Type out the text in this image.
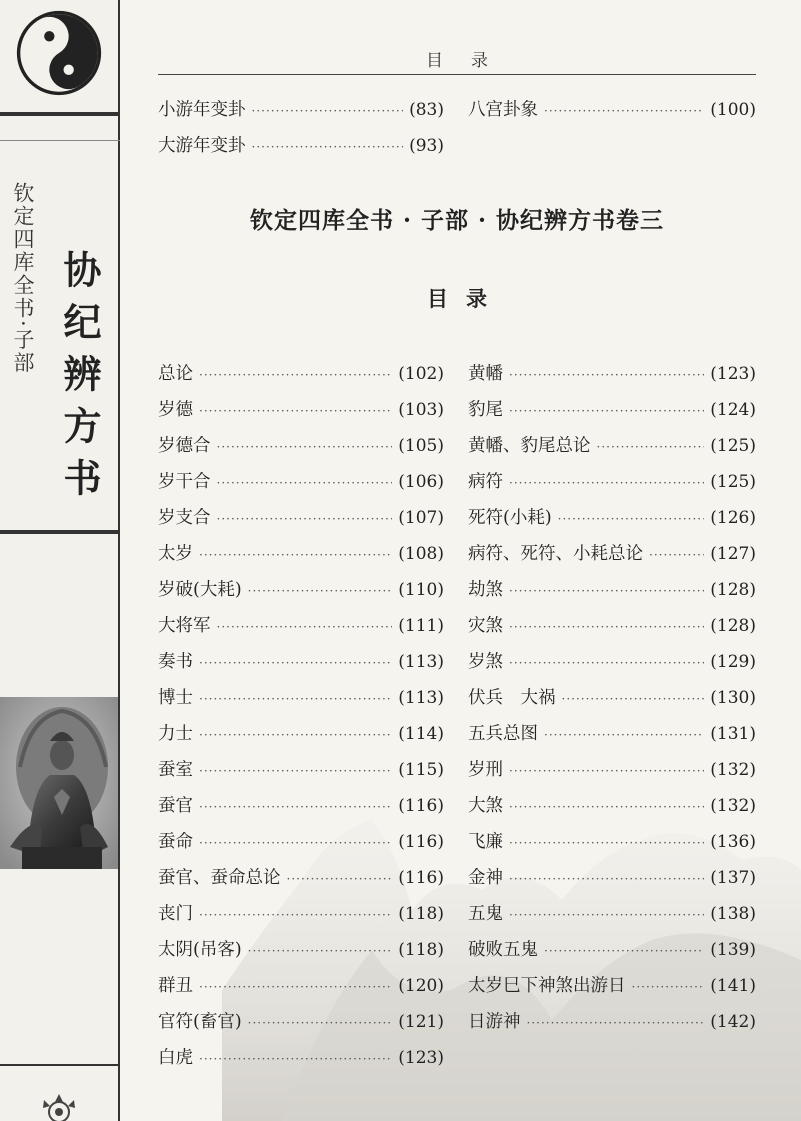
钦定四库全书·子部 协纪辨方书
目录
小游年变卦 ·····	(83)
大游年变卦 ·····	(93)
八宫卦象 ·····	(100)
钦定四库全书 · 子部 · 协纪辨方书卷三
目录
总论 ·····	(102)
岁德 ·····	(103)
岁德合 ·····	(105)
岁干合 ·····	(106)
岁支合 ·····	(107)
太岁 ·····	(108)
岁破(大耗) ·····	(110)
大将军 ·····	(111)
奏书 ·····	(113)
博士 ·····	(113)
力士 ·····	(114)
蚕室 ·····	(115)
蚕官 ·····	(116)
蚕命 ·····	(116)
蚕官、蚕命总论 ·····	(116)
丧门 ·····	(118)
太阴(吊客) ·····	(118)
群丑 ·····	(120)
官符(畜官) ·····	(121)
白虎 ·····	(123)
黄幡 ·····	(123)
豹尾 ·····	(124)
黄幡、豹尾总论 ·····	(125)
病符 ·····	(125)
死符(小耗) ·····	(126)
病符、死符、小耗总论 ·····	(127)
劫煞 ·····	(128)
灾煞 ·····	(128)
岁煞 ·····	(129)
伏兵　大祸 ·····	(130)
五兵总图 ·····	(131)
岁刑 ·····	(132)
大煞 ·····	(132)
飞廉 ·····	(136)
金神 ·····	(137)
五鬼 ·····	(138)
破败五鬼 ·····	(139)
太岁巳下神煞出游日 ·····	(141)
日游神 ·····	(142)
